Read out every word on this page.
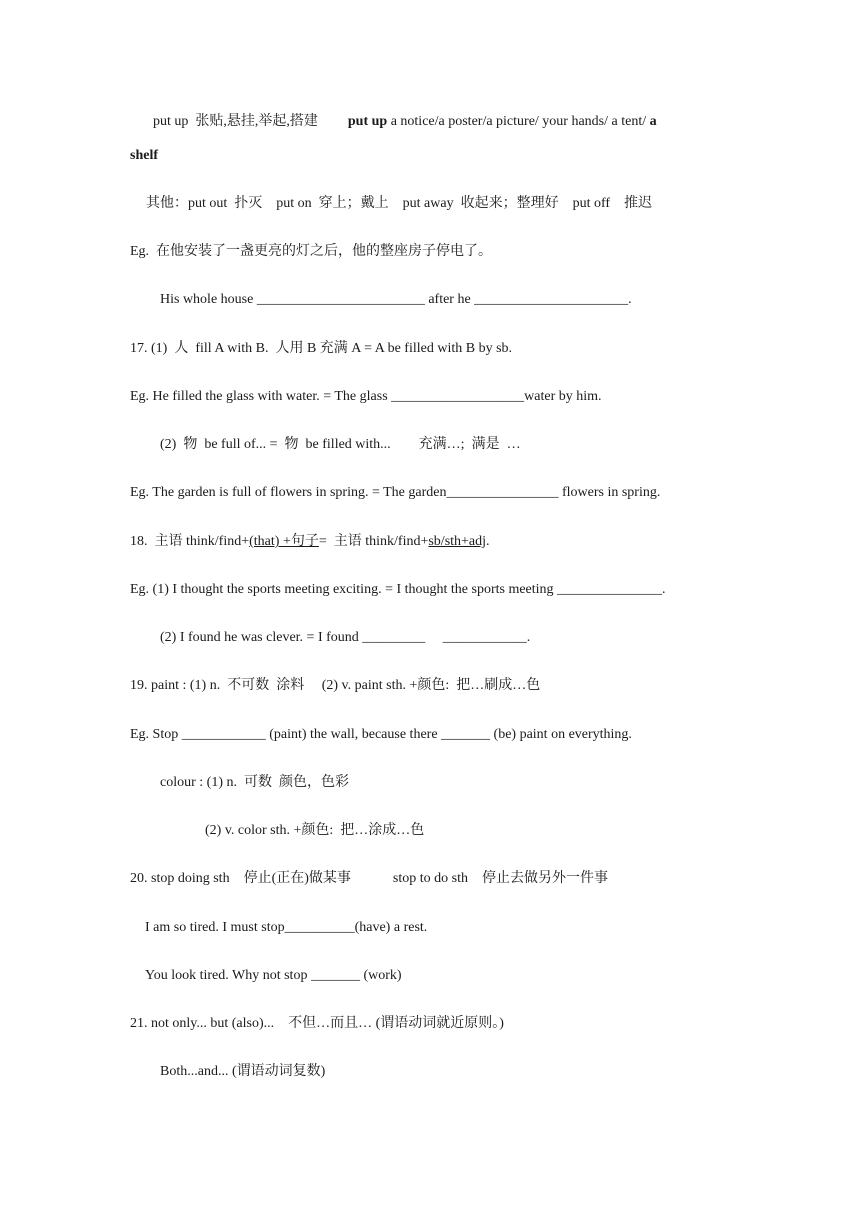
put up  张贴,悬挂,举起,搭建 put up a notice/a poster/a picture/ your hands/ a tent/ a
shelf
其他：put out  扑灭    put on  穿上；戴上    put away  收起来；整理好    put off    推迟
Eg.  在他安装了一盏更亮的灯之后，他的整座房子停电了。
His whole house ________________________ after he ______________________.
17. (1)  人  fill A with B.  人用 B 充满 A = A be filled with B by sb.
Eg. He filled the glass with water. = The glass ___________________water by him.
(2)  物  be full of... =  物  be filled with...        充满…;  满是  …
Eg. The garden is full of flowers in spring. = The garden________________ flowers in spring.
18.  主语 think/find+(that) +句子=  主语 think/find+sb/sth+adj.
Eg. (1) I thought the sports meeting exciting. = I thought the sports meeting _______________.
(2) I found he was clever. = I found _________     ____________.
19. paint : (1) n.  不可数  涂料     (2) v. paint sth. +颜色:  把…刷成…色
Eg. Stop ____________ (paint) the wall, because there _______ (be) paint on everything.
colour : (1) n.  可数  颜色，色彩
(2) v. color sth. +颜色:  把…涂成…色
20. stop doing sth    停止(正在)做某事            stop to do sth    停止去做另外一件事
I am so tired. I must stop__________(have) a rest.
You look tired. Why not stop _______ (work)
21. not only... but (also)...    不但…而且… (谓语动词就近原则。)
Both...and... (谓语动词复数)
